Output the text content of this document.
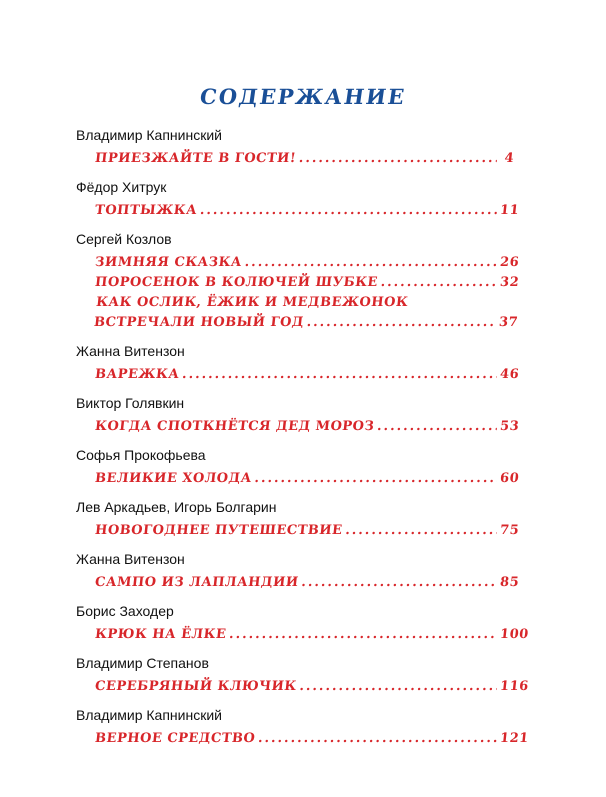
СОДЕРЖАНИЕ
Владимир Капнинский
ПРИЕЗЖАЙТЕ В ГОСТИ! .....	4
Фёдор Хитрук
ТОПТЫЖКА .....	11
Сергей Козлов
ЗИМНЯЯ СКАЗКА .....	26
ПОРОСЕНОК В КОЛЮЧЕЙ ШУБКЕ .....	32
КАК ОСЛИК, ЁЖИК И МЕДВЕЖОНОК
ВСТРЕЧАЛИ НОВЫЙ ГОД .....	37
Жанна Витензон
ВАРЕЖКА .....	46
Виктор Голявкин
КОГДА СПОТКНЁТСЯ ДЕД МОРОЗ .....	53
Софья Прокофьева
ВЕЛИКИЕ ХОЛОДА .....	60
Лев Аркадьев, Игорь Болгарин
НОВОГОДНЕЕ ПУТЕШЕСТВИЕ .....	75
Жанна Витензон
САМПО ИЗ ЛАПЛАНДИИ .....	85
Борис Заходер
КРЮК НА ЁЛКЕ .....	100
Владимир Степанов
СЕРЕБРЯНЫЙ КЛЮЧИК .....	116
Владимир Капнинский
ВЕРНОЕ СРЕДСТВО .....	121
